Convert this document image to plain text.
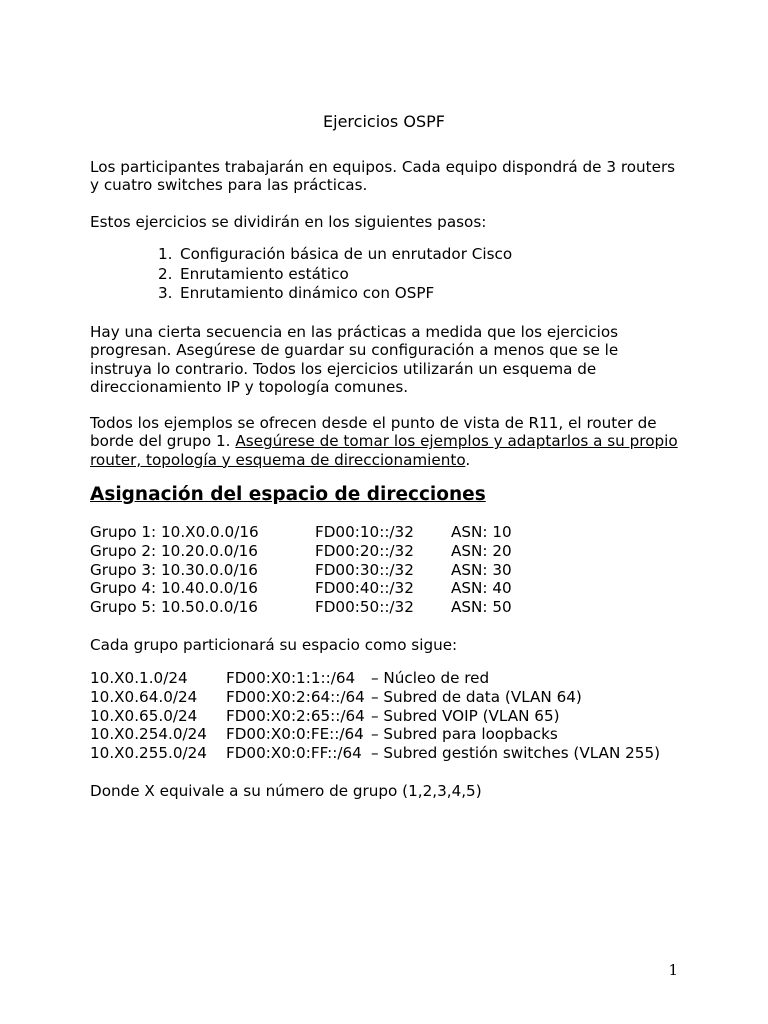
Ejercicios OSPF

Los participantes trabajarán en equipos. Cada equipo dispondrá de 3 routers y cuatro switches para las prácticas.

Estos ejercicios se dividirán en los siguientes pasos:

1. Configuración básica de un enrutador Cisco
2. Enrutamiento estático
3. Enrutamiento dinámico con OSPF

Hay una cierta secuencia en las prácticas a medida que los ejercicios progresan. Asegúrese de guardar su configuración a menos que se le instruya lo contrario. Todos los ejercicios utilizarán un esquema de direccionamiento IP y topología comunes.

Todos los ejemplos se ofrecen desde el punto de vista de R11, el router de borde del grupo 1. Asegúrese de tomar los ejemplos y adaptarlos a su propio router, topología y esquema de direccionamiento.

Asignación del espacio de direcciones
Grupo 1: 10.X0.0.0/16	FD00:10::/32	ASN: 10
Grupo 2: 10.20.0.0/16	FD00:20::/32	ASN: 20
Grupo 3: 10.30.0.0/16	FD00:30::/32	ASN: 30
Grupo 4: 10.40.0.0/16	FD00:40::/32	ASN: 40
Grupo 5: 10.50.0.0/16	FD00:50::/32	ASN: 50

Cada grupo particionará su espacio como sigue:

10.X0.1.0/24	FD00:X0:1:1::/64	– Núcleo de red
10.X0.64.0/24	FD00:X0:2:64::/64	– Subred de data (VLAN 64)
10.X0.65.0/24	FD00:X0:2:65::/64	– Subred VOIP (VLAN 65)
10.X0.254.0/24	FD00:X0:0:FE::/64	– Subred para loopbacks
10.X0.255.0/24	FD00:X0:0:FF::/64	– Subred gestión switches (VLAN 255)

Donde X equivale a su número de grupo (1,2,3,4,5)

1
